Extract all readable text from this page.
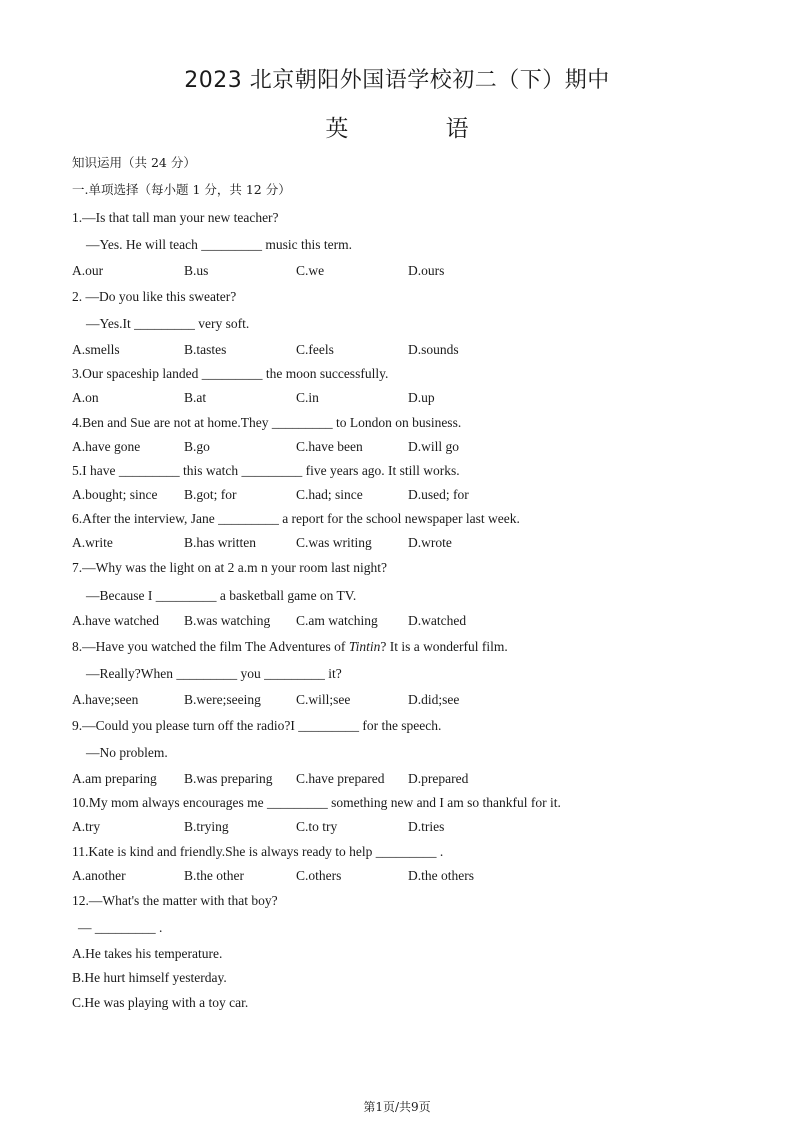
2023 北京朝阳外国语学校初二（下）期中
英 语
知识运用（共 24 分）
一.单项选择（每小题 1 分，共 12 分）
1.—Is that tall man your new teacher?
—Yes. He will teach _________ music this term.
A.our	B.us	C.we	D.ours
2. —Do you like this sweater?
—Yes.It _________ very soft.
A.smells	B.tastes	C.feels	D.sounds
3.Our spaceship landed _________ the moon successfully.
A.on	B.at	C.in	D.up
4.Ben and Sue are not at home.They _________ to London on business.
A.have gone	B.go	C.have been	D.will go
5.I have _________ this watch _________ five years ago. It still works.
A.bought; since B.got; for	C.had; since	D.used; for
6.After the interview, Jane _________ a report for the school newspaper last week.
A.write	B.has written	C.was writing	D.wrote
7.—Why was the light on at 2 a.m n your room last night?
—Because I _________ a basketball game on TV.
A.have watched B.was watching C.am watching D.watched
8.—Have you watched the film The Adventures of Tintin? It is a wonderful film.
—Really?When _________ you _________ it?
A.have;seen	B.were;seeing	C.will;see	D.did;see
9.—Could you please turn off the radio?I _________ for the speech.
—No problem.
A.am preparing B.was preparing C.have prepared D.prepared
10.My mom always encourages me _________ something new and I am so thankful for it.
A.try	B.trying	C.to try	D.tries
11.Kate is kind and friendly.She is always ready to help _________ .
A.another	B.the other	C.others	D.the others
12.—What's the matter with that boy?
— _________ .
A.He takes his temperature.
B.He hurt himself yesterday.
C.He was playing with a toy car.
第1页/共9页
